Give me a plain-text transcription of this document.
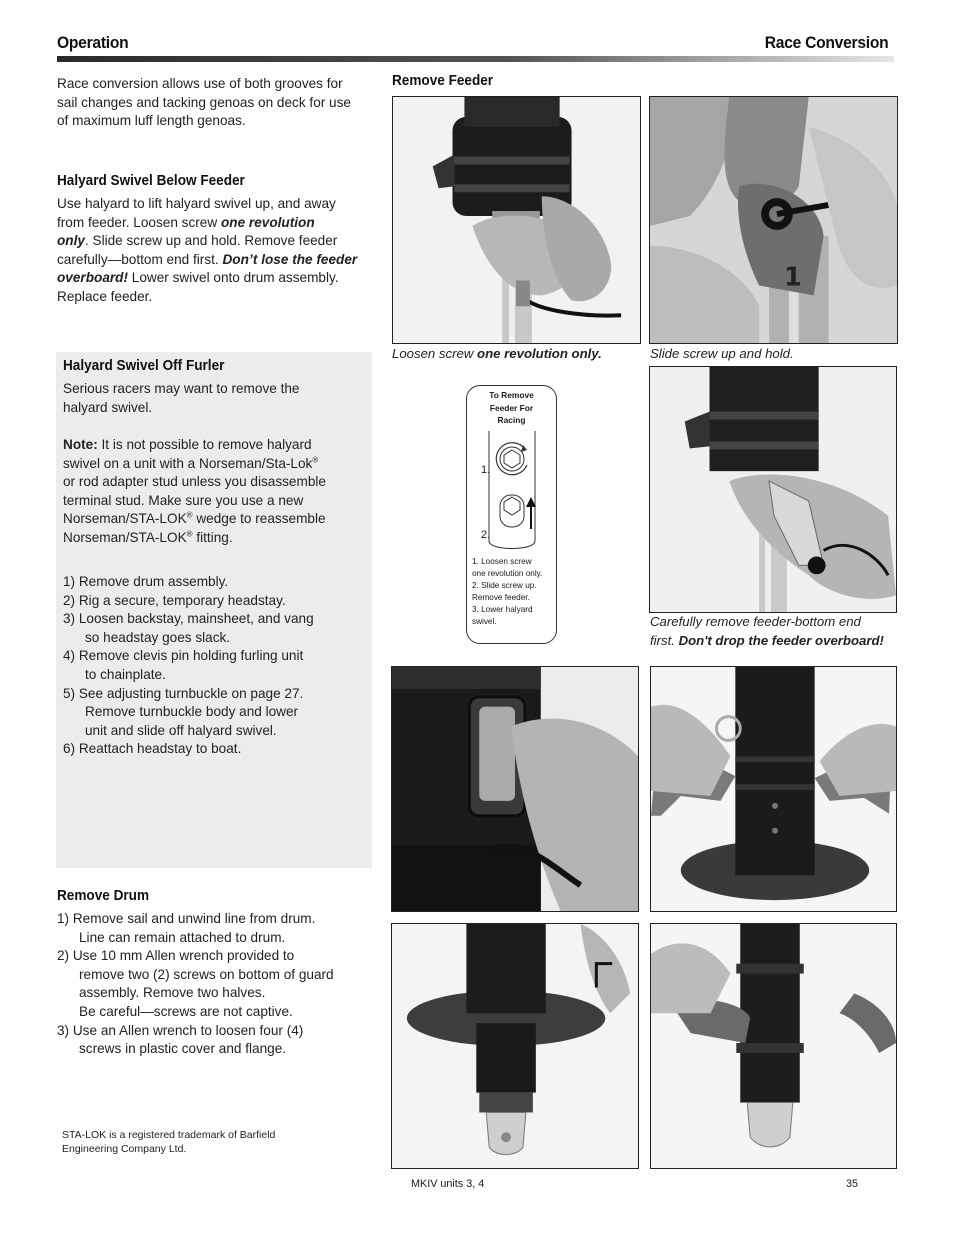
Operation	Race Conversion
Race conversion allows use of both grooves for
sail changes and tacking genoas on deck for use
of maximum luff length genoas.
Halyard Swivel Below Feeder
Use halyard to lift halyard swivel up, and away
from feeder. Loosen screw one revolution
only. Slide screw up and hold. Remove feeder
carefully—bottom end first. Don’t lose the feeder
overboard! Lower swivel onto drum assembly.
Replace feeder.
Halyard Swivel Off Furler
Serious racers may want to remove the
halyard swivel.
Note: It is not possible to remove halyard
swivel on a unit with a Norseman/Sta-Lok®
or rod adapter stud unless you disassemble
terminal stud. Make sure you use a new
Norseman/STA-LOK® wedge to reassemble
Norseman/STA-LOK® fitting.
1) Remove drum assembly.
2) Rig a secure, temporary headstay.
3) Loosen backstay, mainsheet, and vang
so headstay goes slack.
4) Remove clevis pin holding furling unit
to chainplate.
5) See adjusting turnbuckle on page 27.
Remove turnbuckle body and lower
unit and slide off halyard swivel.
6) Reattach headstay to boat.
Remove Drum
1) Remove sail and unwind line from drum.
Line can remain attached to drum.
2) Use 10 mm Allen wrench provided to
remove two (2) screws on bottom of guard
assembly. Remove two halves.
Be careful—screws are not captive.
3) Use an Allen wrench to loosen four (4)
screws in plastic cover and flange.
STA-LOK is a registered trademark of Barfield
Engineering Company Ltd.
Remove Feeder
1
Loosen screw one revolution only.	Slide screw up and hold.
To Remove
Feeder For
Racing
1.
2.
1. Loosen screw
one revolution only.
2. Slide screw up.
Remove feeder.
3. Lower halyard
swivel.	Carefully remove feeder-bottom end
first. Don't drop the feeder overboard!
MKIV units 3, 4	35
